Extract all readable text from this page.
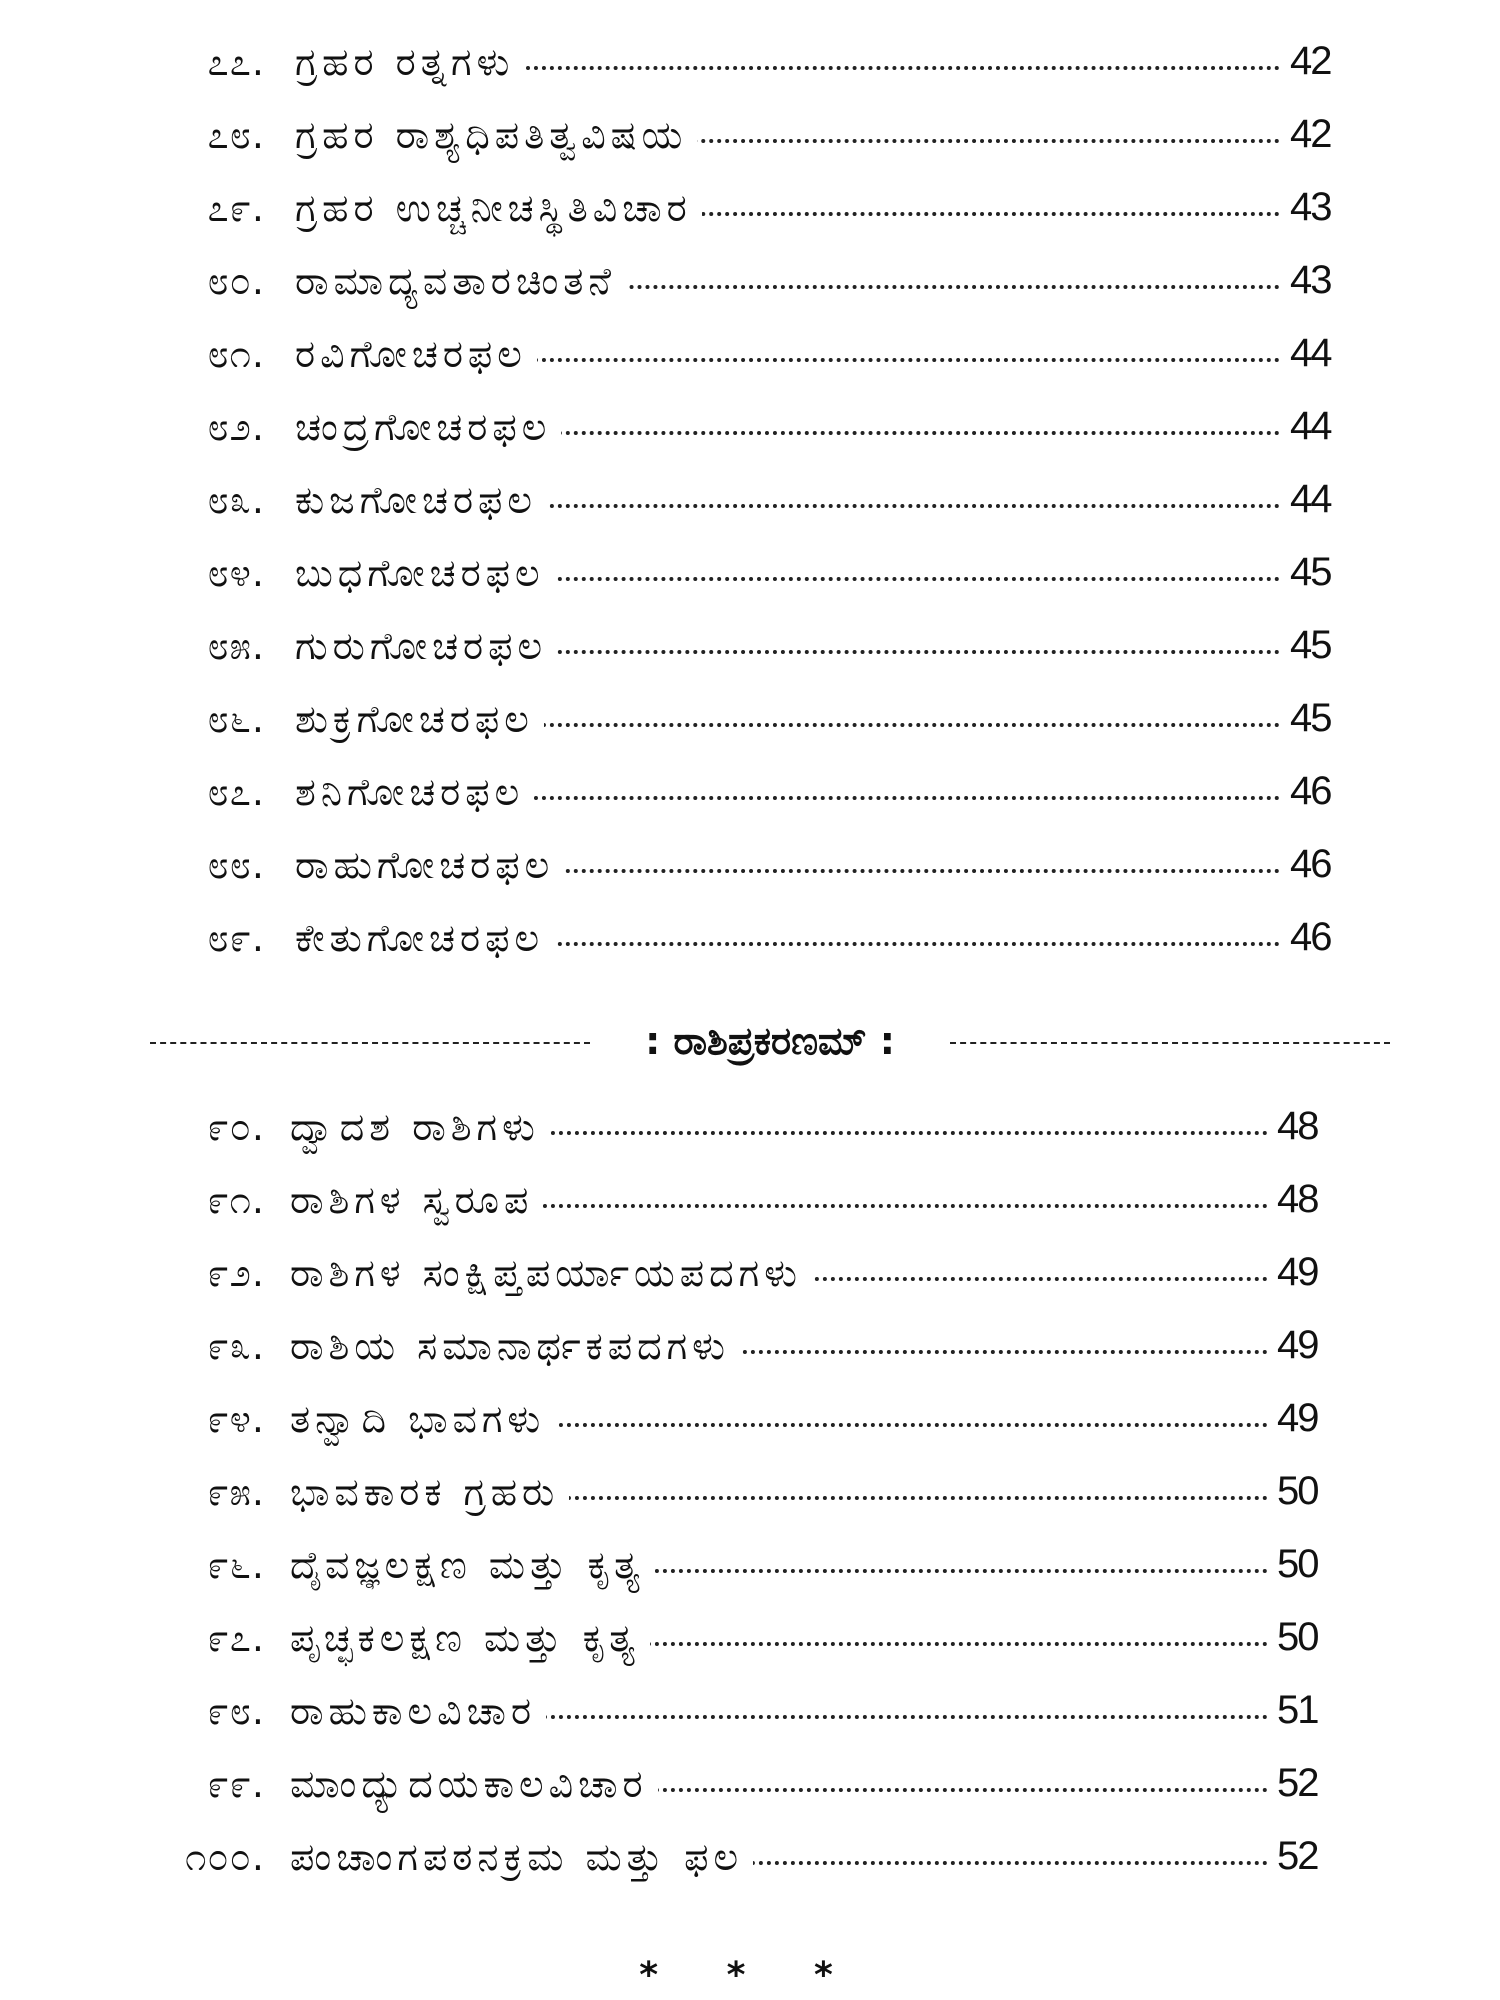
೭೭. ಗ್ರಹರ ರತ್ನಗಳು	42
೭೮. ಗ್ರಹರ ರಾಶ್ಯಧಿಪತಿತ್ವವಿಷಯ	42
೭೯. ಗ್ರಹರ ಉಚ್ಚನೀಚಸ್ಥಿತಿವಿಚಾರ	43
೮೦. ರಾಮಾದ್ಯವತಾರಚಿಂತನೆ	43
೮೧. ರವಿಗೋಚರಫಲ	44
೮೨. ಚಂದ್ರಗೋಚರಫಲ	44
೮೩. ಕುಜಗೋಚರಫಲ	44
೮೪. ಬುಧಗೋಚರಫಲ	45
೮೫. ಗುರುಗೋಚರಫಲ	45
೮೬. ಶುಕ್ರಗೋಚರಫಲ	45
೮೭. ಶನಿಗೋಚರಫಲ	46
೮೮. ರಾಹುಗೋಚರಫಲ	46
೮೯. ಕೇತುಗೋಚರಫಲ	46
: ರಾಶಿಪ್ರಕರಣಮ್ :
೯೦. ದ್ವಾದಶ ರಾಶಿಗಳು	48
೯೧. ರಾಶಿಗಳ ಸ್ವರೂಪ	48
೯೨. ರಾಶಿಗಳ ಸಂಕ್ಷಿಪ್ತಪರ್ಯಾಯಪದಗಳು	49
೯೩. ರಾಶಿಯ ಸಮಾನಾರ್ಥಕಪದಗಳು	49
೯೪. ತನ್ವಾದಿ ಭಾವಗಳು	49
೯೫. ಭಾವಕಾರಕ ಗ್ರಹರು	50
೯೬. ದೈವಜ್ಞಲಕ್ಷಣ ಮತ್ತು ಕೃತ್ಯ	50
೯೭. ಪೃಚ್ಛಕಲಕ್ಷಣ ಮತ್ತು ಕೃತ್ಯ	50
೯೮. ರಾಹುಕಾಲವಿಚಾರ	51
೯೯. ಮಾಂದ್ಯುದಯಕಾಲವಿಚಾರ	52
೧೦೦. ಪಂಚಾಂಗಪಠನಕ್ರಮ ಮತ್ತು ಫಲ	52
* * *
